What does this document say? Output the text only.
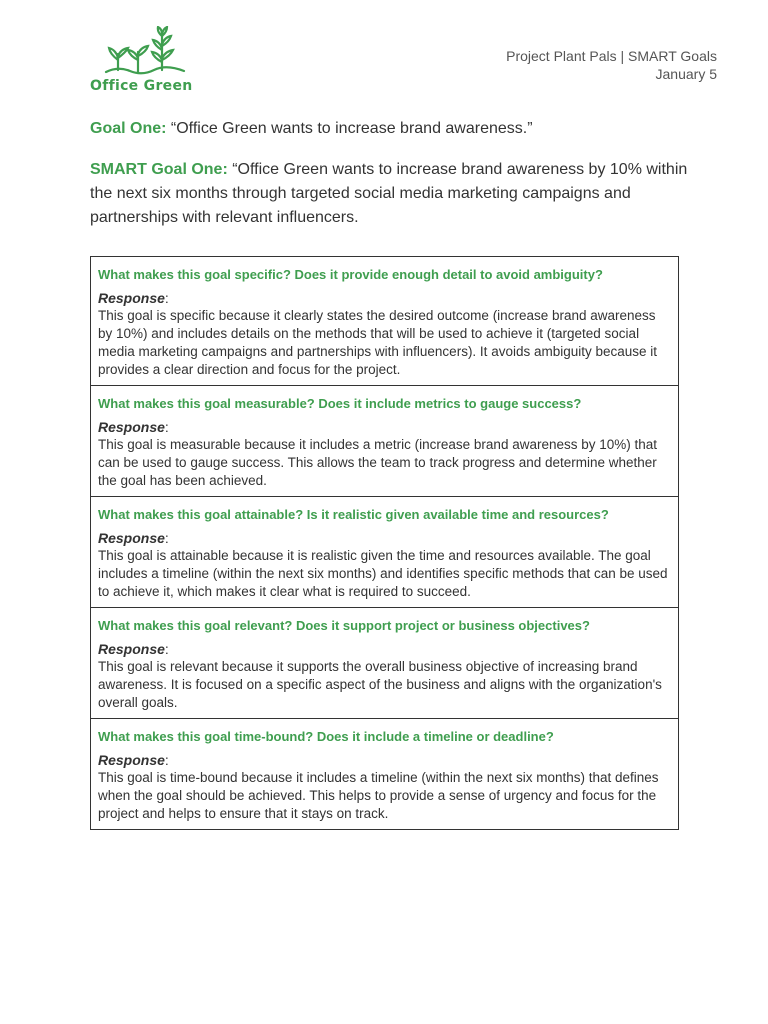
Office Green
Project Plant Pals | SMART Goals
January 5
Goal One: “Office Green wants to increase brand awareness.”
SMART Goal One: “Office Green wants to increase brand awareness by 10% within the next six months through targeted social media marketing campaigns and partnerships with relevant influencers.
What makes this goal specific? Does it provide enough detail to avoid ambiguity?
Response:
This goal is specific because it clearly states the desired outcome (increase brand awareness by 10%) and includes details on the methods that will be used to achieve it (targeted social media marketing campaigns and partnerships with influencers). It avoids ambiguity because it provides a clear direction and focus for the project.
What makes this goal measurable? Does it include metrics to gauge success?
Response:
This goal is measurable because it includes a metric (increase brand awareness by 10%) that can be used to gauge success. This allows the team to track progress and determine whether the goal has been achieved.
What makes this goal attainable? Is it realistic given available time and resources?
Response:
This goal is attainable because it is realistic given the time and resources available. The goal includes a timeline (within the next six months) and identifies specific methods that can be used to achieve it, which makes it clear what is required to succeed.
What makes this goal relevant? Does it support project or business objectives?
Response:
This goal is relevant because it supports the overall business objective of increasing brand awareness. It is focused on a specific aspect of the business and aligns with the organization's overall goals.
What makes this goal time-bound? Does it include a timeline or deadline?
Response:
This goal is time-bound because it includes a timeline (within the next six months) that defines when the goal should be achieved. This helps to provide a sense of urgency and focus for the project and helps to ensure that it stays on track.
